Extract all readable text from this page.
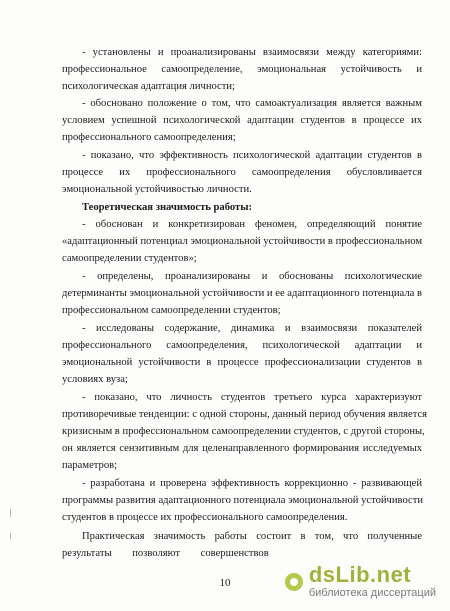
- установлены и проанализированы взаимосвязи между категориями:
профессиональное самоопределение, эмоциональная устойчивость и
психологическая адаптация личности;
- обосновано положение о том, что самоактуализация является важным
условием успешной психологической адаптации студентов в процессе их
профессионального самоопределения;
- показано, что эффективность психологической адаптации студентов в
процессе их профессионального самоопределения обусловливается
эмоциональной устойчивостью личности.
Теоретическая значимость работы:
- обоснован и конкретизирован феномен, определяющий понятие
«адаптационный потенциал эмоциональной устойчивости в профессиональном
самоопределении студентов»;
- определены, проанализированы и обоснованы психологические
детерминанты эмоциональной устойчивости и ее адаптационного потенциала в
профессиональном самоопределении студентов;
- исследованы содержание, динамика и взаимосвязи показателей
профессионального самоопределения, психологической адаптации и
эмоциональной устойчивости в процессе профессионализации студентов в
условиях вуза;
- показано, что личность студентов третьего курса характеризуют
противоречивые тенденции: с одной стороны, данный период обучения является
кризисным в профессиональном самоопределении студентов, с другой стороны,
он является сензитивным для целенаправленного формирования исследуемых
параметров;
- разработана и проверена эффективность коррекционно - развивающей
программы развития адаптационного потенциала эмоциональной устойчивости
студентов в процессе их профессионального самоопределения.
Практическая значимость работы состоит в том, что полученные
результаты позволяют совершенствов
10	dsLib.net
библиотека диссертаций
